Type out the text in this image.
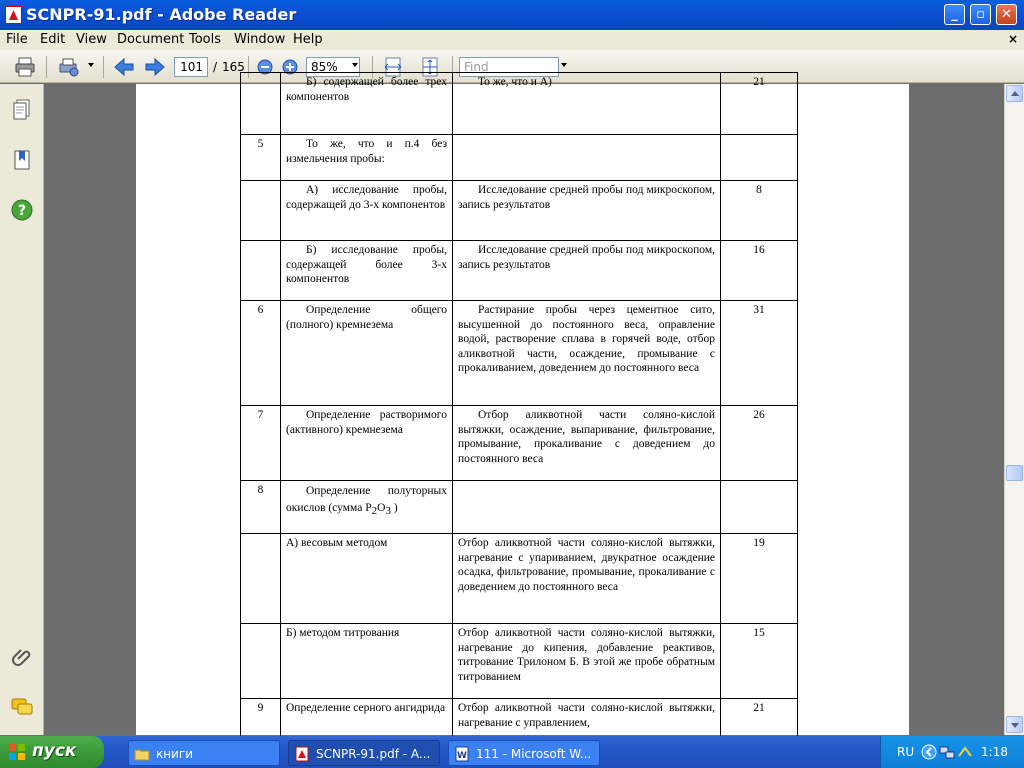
SCNPR-91.pdf - Adobe Reader	_	▫	✕
File Edit View Document Tools Window Help	×
101 / 165	85%	Find
?
	Б) содержащей более трех компонентов	То же, что и А)	21
5	То же, что и п.4 без измельчения пробы:		
	А) исследование пробы, содержащей до 3-х компонентов	Исследование средней пробы под микроскопом, запись результатов	8
	Б) исследование пробы, содержащей более 3-х компонентов	Исследование средней пробы под микроскопом, запись результатов	16
6	Определение общего (полного) кремнезема	Растирание пробы через цементное сито, высушенной до постоянного веса, оправление водой, растворение сплава в горячей воде, отбор аликвотной части, осаждение, промывание с прокаливанием, доведением до постоянного веса	31
7	Определение растворимого (активного) кремнезема	Отбор аликвотной части соляно-кислой вытяжки, осаждение, выпаривание, фильтрование, промывание, прокаливание с доведением до постоянного веса	26
8	Определение полуторных окислов (сумма $Р_2О_3$ )		
	А) весовым методом	Отбор аликвотной части соляно-кислой вытяжки, нагревание с упариванием, двукратное осаждение осадка, фильтрование, промывание, прокаливание с доведением до постоянного веса	19
	Б) методом титрования	Отбор аликвотной части соляно-кислой вытяжки, нагревание до кипения, добавление реактивов, титрование Трилоном Б. В этой же пробе обратным титрованием	15
9	Определение серного ангидрида	Отбор аликвотной части соляно-кислой вытяжки, нагревание с управлением,	21
пуск	книги	SCNPR-91.pdf - A...	W 111 - Microsoft W...	RU	1:18
